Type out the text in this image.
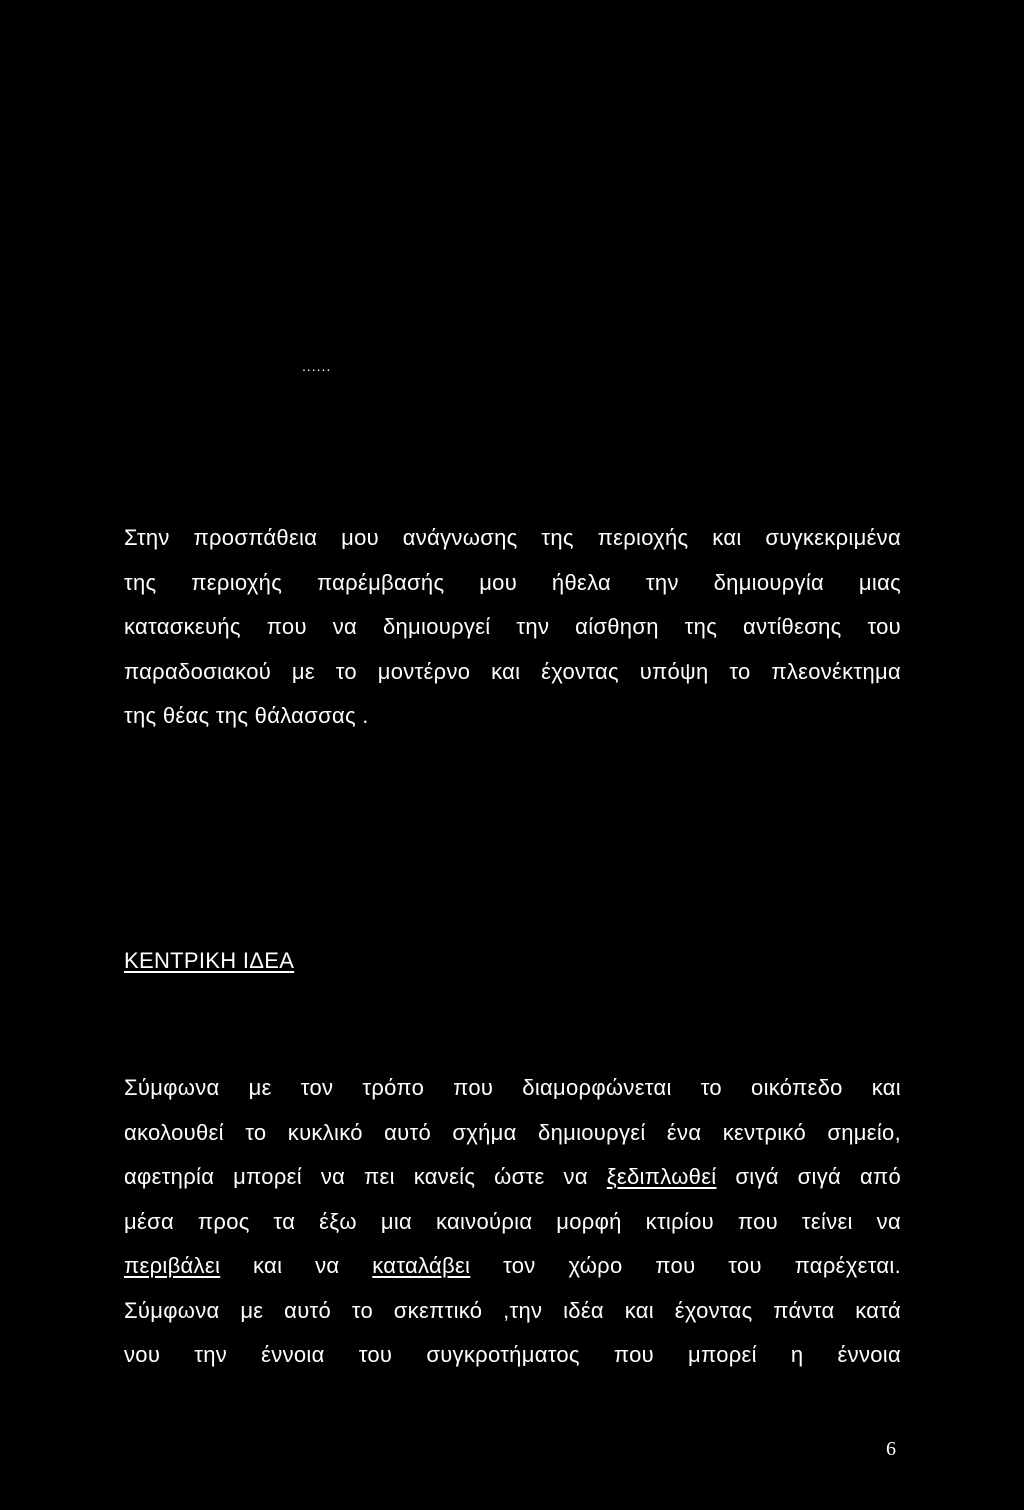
......
Στην προσπάθεια μου ανάγνωσης της περιοχής και συγκεκριμένα
της περιοχής παρέμβασής μου ήθελα την δημιουργία μιας
κατασκευής που να δημιουργεί την αίσθηση της αντίθεσης του
παραδοσιακού με το μοντέρνο και έχοντας υπόψη το πλεονέκτημα
της θέας της θάλασσας .
ΚΕΝΤΡΙΚΗ ΙΔΕΑ
Σύμφωνα με τον τρόπο που διαμορφώνεται το οικόπεδο και
ακολουθεί το κυκλικό αυτό σχήμα δημιουργεί ένα κεντρικό σημείο,
αφετηρία μπορεί να πει κανείς ώστε να ξεδιπλωθεί σιγά σιγά από
μέσα προς τα έξω μια καινούρια μορφή κτιρίου που τείνει να
περιβάλει και να καταλάβει τον χώρο που του παρέχεται.
Σύμφωνα με αυτό το σκεπτικό ,την ιδέα και έχοντας πάντα κατά
νου την έννοια του συγκροτήματος που μπορεί η έννοια
6
